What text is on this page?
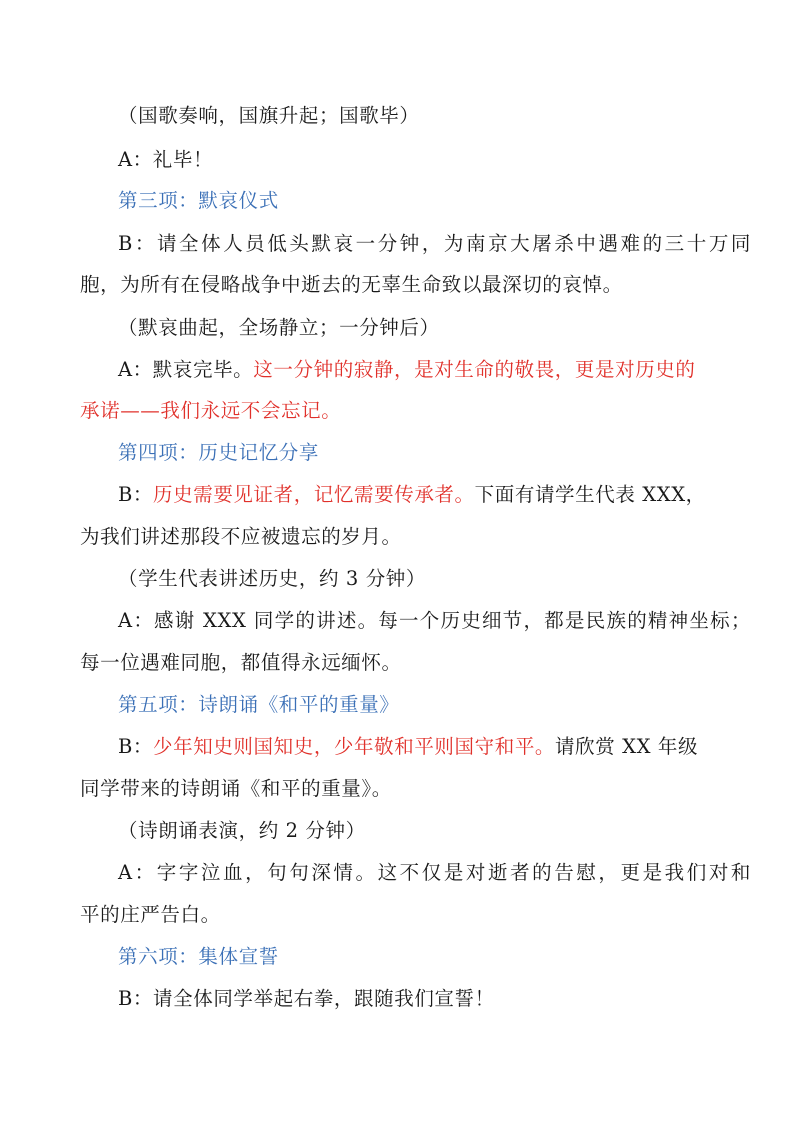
（国歌奏响，国旗升起；国歌毕）
A：礼毕！
第三项：默哀仪式
B：请全体人员低头默哀一分钟，为南京大屠杀中遇难的三十万同
胞，为所有在侵略战争中逝去的无辜生命致以最深切的哀悼。
（默哀曲起，全场静立；一分钟后）
A：默哀完毕。这一分钟的寂静，是对生命的敬畏，更是对历史的
承诺——我们永远不会忘记。
第四项：历史记忆分享
B：历史需要见证者，记忆需要传承者。下面有请学生代表 XXX，
为我们讲述那段不应被遗忘的岁月。
（学生代表讲述历史，约 3 分钟）
A：感谢 XXX 同学的讲述。每一个历史细节，都是民族的精神坐标；
每一位遇难同胞，都值得永远缅怀。
第五项：诗朗诵《和平的重量》
B：少年知史则国知史，少年敬和平则国守和平。请欣赏 XX 年级
同学带来的诗朗诵《和平的重量》。
（诗朗诵表演，约 2 分钟）
A：字字泣血，句句深情。这不仅是对逝者的告慰，更是我们对和
平的庄严告白。
第六项：集体宣誓
B：请全体同学举起右拳，跟随我们宣誓！
